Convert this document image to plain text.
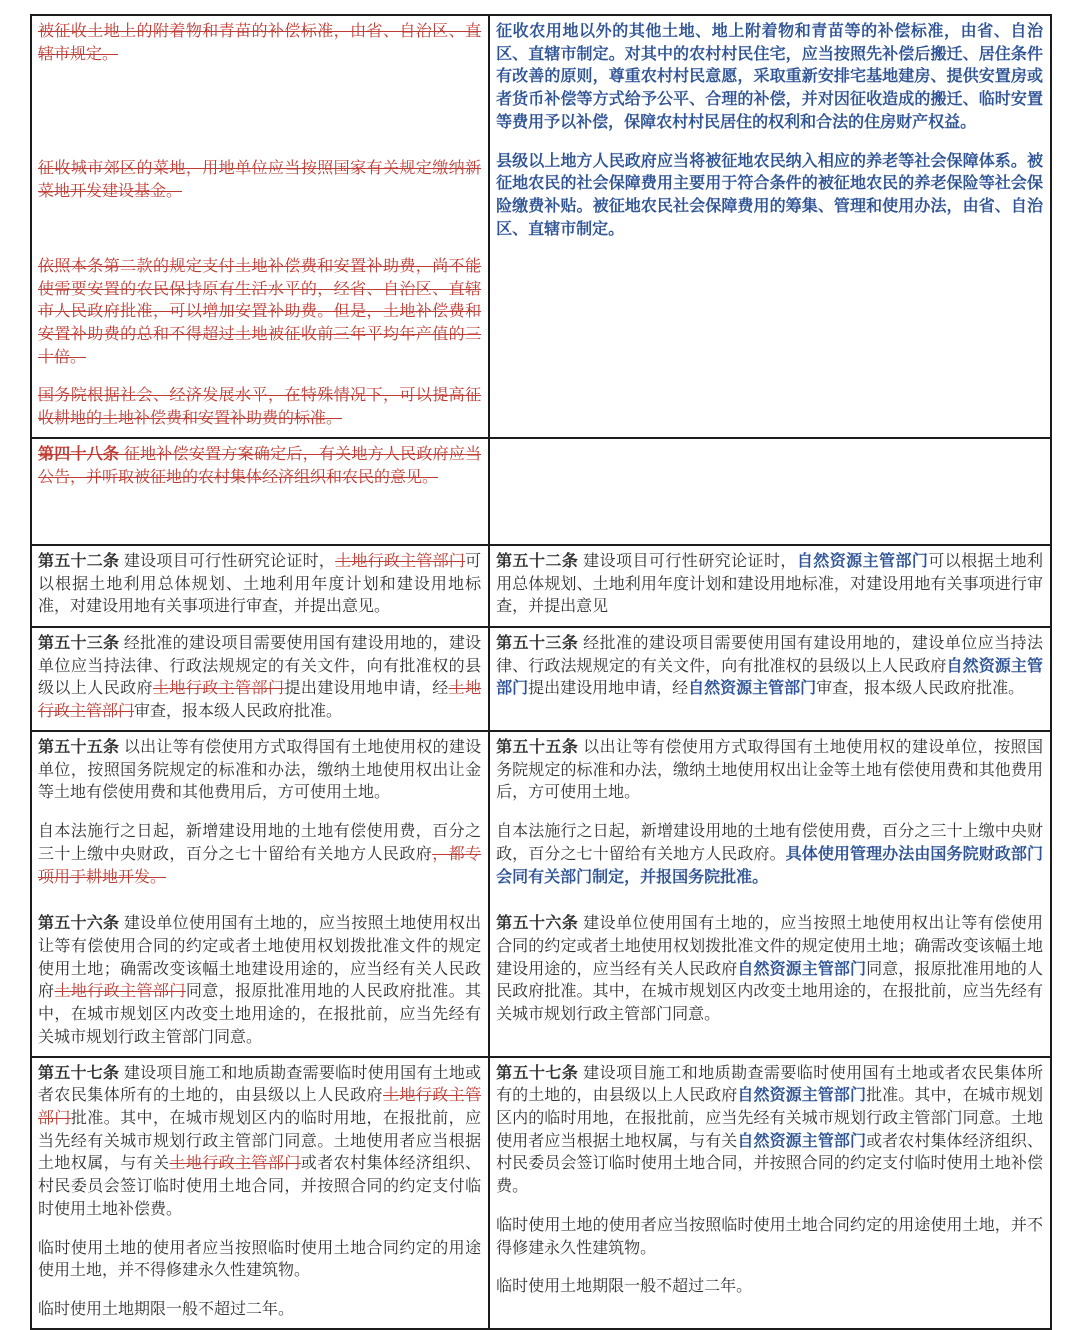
被征收土地上的附着物和青苗的补偿标准，由省、自治区、直辖市规定。

征收城市郊区的菜地，用地单位应当按照国家有关规定缴纳新菜地开发建设基金。

依照本条第二款的规定支付土地补偿费和安置补助费，尚不能使需要安置的农民保持原有生活水平的，经省、自治区、直辖市人民政府批准，可以增加安置补助费。但是，土地补偿费和安置补助费的总和不得超过土地被征收前三年平均年产值的三十倍。

国务院根据社会、经济发展水平，在特殊情况下，可以提高征收耕地的土地补偿费和安置补助费的标准。

征收农用地以外的其他土地、地上附着物和青苗等的补偿标准，由省、自治区、直辖市制定。对其中的农村村民住宅，应当按照先补偿后搬迁、居住条件有改善的原则，尊重农村村民意愿，采取重新安排宅基地建房、提供安置房或者货币补偿等方式给予公平、合理的补偿，并对因征收造成的搬迁、临时安置等费用予以补偿，保障农村村民居住的权利和合法的住房财产权益。

县级以上地方人民政府应当将被征地农民纳入相应的养老等社会保障体系。被征地农民的社会保障费用主要用于符合条件的被征地农民的养老保险等社会保险缴费补贴。被征地农民社会保障费用的筹集、管理和使用办法，由省、自治区、直辖市制定。

第四十八条 征地补偿安置方案确定后，有关地方人民政府应当公告，并听取被征地的农村集体经济组织和农民的意见。

第五十二条 建设项目可行性研究论证时，土地行政主管部门可以根据土地利用总体规划、土地利用年度计划和建设用地标准，对建设用地有关事项进行审查，并提出意见。

第五十二条 建设项目可行性研究论证时，自然资源主管部门可以根据土地利用总体规划、土地利用年度计划和建设用地标准，对建设用地有关事项进行审查，并提出意见

第五十三条 经批准的建设项目需要使用国有建设用地的，建设单位应当持法律、行政法规规定的有关文件，向有批准权的县级以上人民政府土地行政主管部门提出建设用地申请，经土地行政主管部门审查，报本级人民政府批准。

第五十三条 经批准的建设项目需要使用国有建设用地的，建设单位应当持法律、行政法规规定的有关文件，向有批准权的县级以上人民政府自然资源主管部门提出建设用地申请，经自然资源主管部门审查，报本级人民政府批准。

第五十五条 以出让等有偿使用方式取得国有土地使用权的建设单位，按照国务院规定的标准和办法，缴纳土地使用权出让金等土地有偿使用费和其他费用后，方可使用土地。

自本法施行之日起，新增建设用地的土地有偿使用费，百分之三十上缴中央财政，百分之七十留给有关地方人民政府，都专项用于耕地开发。

第五十六条 建设单位使用国有土地的，应当按照土地使用权出让等有偿使用合同的约定或者土地使用权划拨批准文件的规定使用土地；确需改变该幅土地建设用途的，应当经有关人民政府土地行政主管部门同意，报原批准用地的人民政府批准。其中，在城市规划区内改变土地用途的，在报批前，应当先经有关城市规划行政主管部门同意。

第五十五条 以出让等有偿使用方式取得国有土地使用权的建设单位，按照国务院规定的标准和办法，缴纳土地使用权出让金等土地有偿使用费和其他费用后，方可使用土地。

自本法施行之日起，新增建设用地的土地有偿使用费，百分之三十上缴中央财政，百分之七十留给有关地方人民政府。具体使用管理办法由国务院财政部门会同有关部门制定，并报国务院批准。

第五十六条 建设单位使用国有土地的，应当按照土地使用权出让等有偿使用合同的约定或者土地使用权划拨批准文件的规定使用土地；确需改变该幅土地建设用途的，应当经有关人民政府自然资源主管部门同意，报原批准用地的人民政府批准。其中，在城市规划区内改变土地用途的，在报批前，应当先经有关城市规划行政主管部门同意。

第五十七条 建设项目施工和地质勘查需要临时使用国有土地或者农民集体所有的土地的，由县级以上人民政府土地行政主管部门批准。其中，在城市规划区内的临时用地，在报批前，应当先经有关城市规划行政主管部门同意。土地使用者应当根据土地权属，与有关土地行政主管部门或者农村集体经济组织、村民委员会签订临时使用土地合同，并按照合同的约定支付临时使用土地补偿费。

临时使用土地的使用者应当按照临时使用土地合同约定的用途使用土地，并不得修建永久性建筑物。

临时使用土地期限一般不超过二年。

第五十七条 建设项目施工和地质勘查需要临时使用国有土地或者农民集体所有的土地的，由县级以上人民政府自然资源主管部门批准。其中，在城市规划区内的临时用地，在报批前，应当先经有关城市规划行政主管部门同意。土地使用者应当根据土地权属，与有关自然资源主管部门或者农村集体经济组织、村民委员会签订临时使用土地合同，并按照合同的约定支付临时使用土地补偿费。

临时使用土地的使用者应当按照临时使用土地合同约定的用途使用土地，并不得修建永久性建筑物。

临时使用土地期限一般不超过二年。
